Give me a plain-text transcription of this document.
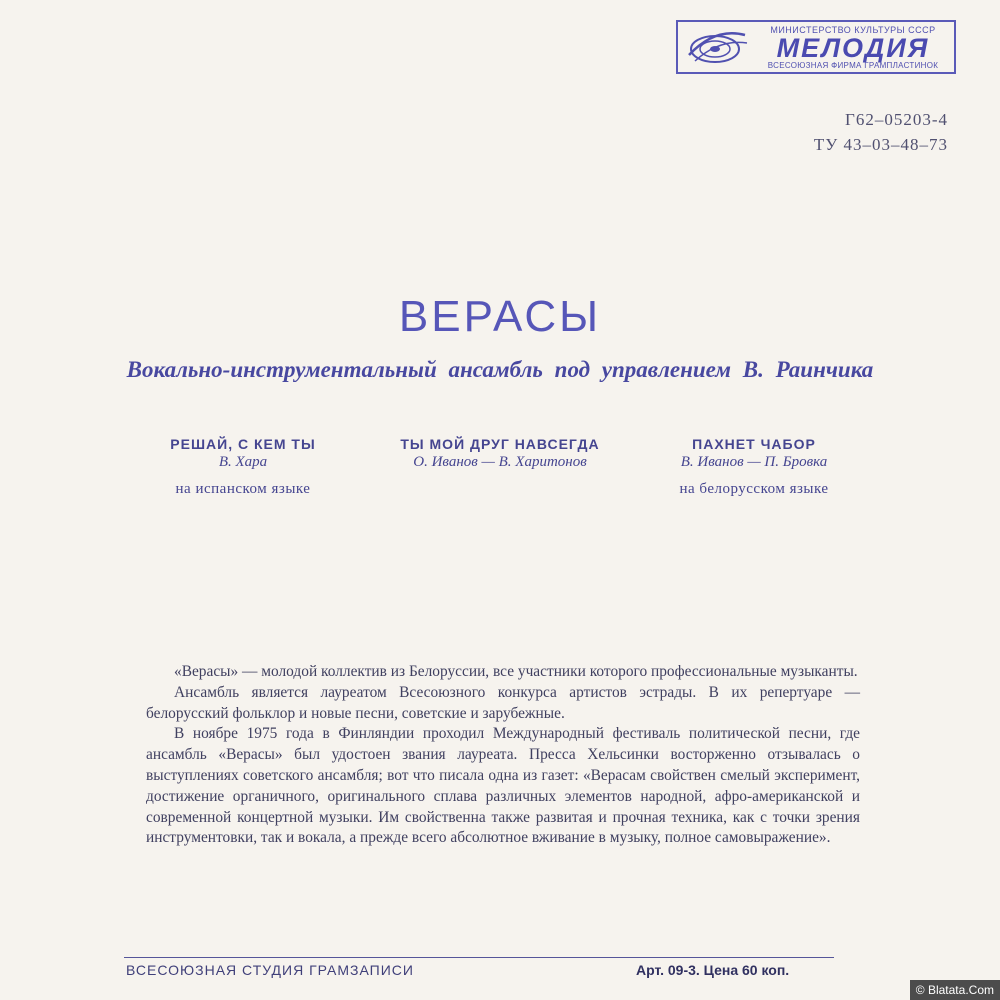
МИНИСТЕРСТВО КУЛЬТУРЫ СССР
МЕЛОДИЯ
ВСЕСОЮЗНАЯ ФИРМА ГРАМПЛАСТИНОК
Г62–05203-4
ТУ 43–03–48–73
ВЕРАСЫ
Вокально-инструментальный ансамбль под управлением В. Раинчика
РЕШАЙ, С КЕМ ТЫ
В. Хара
на испанском языке
ТЫ МОЙ ДРУГ НАВСЕГДА
О. Иванов — В. Харитонов
ПАХНЕТ ЧАБОР
В. Иванов — П. Бровка
на белорусском языке

«Верасы» — молодой коллектив из Белоруссии, все участники которого профессиональные музыканты.

Ансамбль является лауреатом Всесоюзного конкурса артистов эстрады. В их репертуаре — белорусский фольклор и новые песни, советские и зарубежные.

В ноябре 1975 года в Финляндии проходил Международный фестиваль политической песни, где ансамбль «Верасы» был удостоен звания лауреата. Пресса Хельсинки восторженно отзывалась о выступлениях советского ансамбля; вот что писала одна из газет: «Верасам свойствен смелый эксперимент, достижение органичного, оригинального сплава различных элементов народной, афро-американской и современной концертной музыки. Им свойственна также развитая и прочная техника, как с точки зрения инструментовки, так и вокала, а прежде всего абсолютное вживание в музыку, полное самовыражение».

ВСЕСОЮЗНАЯ СТУДИЯ ГРАМЗАПИСИ	Арт. 09-3. Цена 60 коп.
© Blatata.Com
